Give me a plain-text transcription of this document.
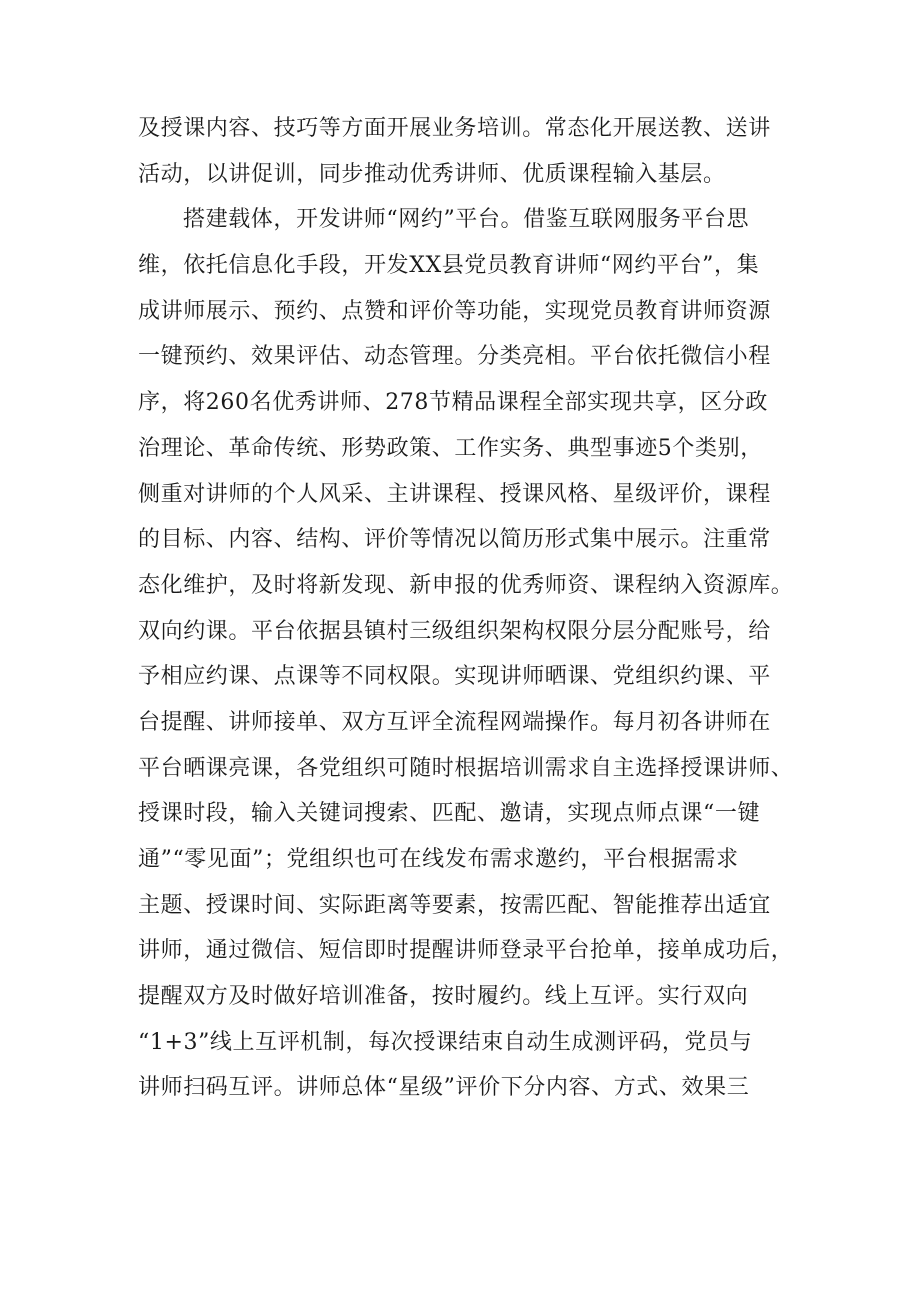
及授课内容、技巧等方面开展业务培训。常态化开展送教、送讲
活动，以讲促训，同步推动优秀讲师、优质课程输入基层。
搭建载体，开发讲师“网约”平台。借鉴互联网服务平台思
维，依托信息化手段，开发XX县党员教育讲师“网约平台”，集
成讲师展示、预约、点赞和评价等功能，实现党员教育讲师资源
一键预约、效果评估、动态管理。分类亮相。平台依托微信小程
序，将260名优秀讲师、278节精品课程全部实现共享，区分政
治理论、革命传统、形势政策、工作实务、典型事迹5个类别，
侧重对讲师的个人风采、主讲课程、授课风格、星级评价，课程
的目标、内容、结构、评价等情况以简历形式集中展示。注重常
态化维护，及时将新发现、新申报的优秀师资、课程纳入资源库。
双向约课。平台依据县镇村三级组织架构权限分层分配账号，给
予相应约课、点课等不同权限。实现讲师晒课、党组织约课、平
台提醒、讲师接单、双方互评全流程网端操作。每月初各讲师在
平台晒课亮课，各党组织可随时根据培训需求自主选择授课讲师、
授课时段，输入关键词搜索、匹配、邀请，实现点师点课“一键
通”“零见面”；党组织也可在线发布需求邀约，平台根据需求
主题、授课时间、实际距离等要素，按需匹配、智能推荐出适宜
讲师，通过微信、短信即时提醒讲师登录平台抢单，接单成功后，
提醒双方及时做好培训准备，按时履约。线上互评。实行双向
“1+3”线上互评机制，每次授课结束自动生成测评码，党员与
讲师扫码互评。讲师总体“星级”评价下分内容、方式、效果三
